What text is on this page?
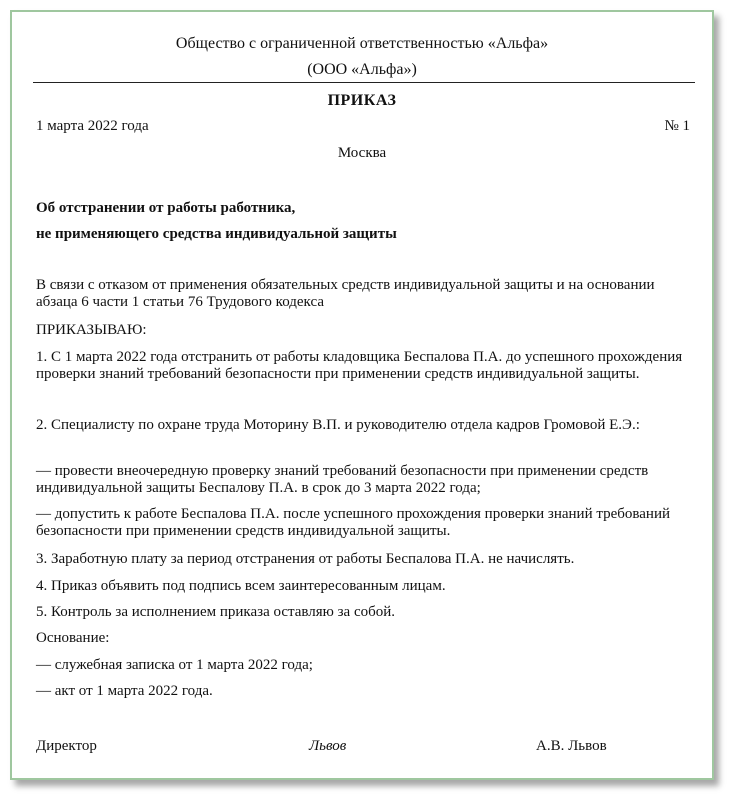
Общество с ограниченной ответственностью «Альфа»
(ООО «Альфа»)
ПРИКАЗ
1 марта 2022 года	№ 1
Москва
Об отстранении от работы работника,
не применяющего средства индивидуальной защиты
В связи с отказом от применения обязательных средств индивидуальной защиты и на основании абзаца 6 части 1 статьи 76 Трудового кодекса
ПРИКАЗЫВАЮ:
1. С 1 марта 2022 года отстранить от работы кладовщика Беспалова П.А. до успешного прохождения проверки знаний требований безопасности при применении средств индивидуальной защиты.
2. Специалисту по охране труда Моторину В.П. и руководителю отдела кадров Громовой Е.Э.:
— провести внеочередную проверку знаний требований безопасности при применении средств индивидуальной защиты Беспалову П.А. в срок до 3 марта 2022 года;
— допустить к работе Беспалова П.А. после успешного прохождения проверки знаний требований безопасности при применении средств индивидуальной защиты.
3. Заработную плату за период отстранения от работы Беспалова П.А. не начислять.
4. Приказ объявить под подпись всем заинтересованным лицам.
5. Контроль за исполнением приказа оставляю за собой.
Основание:
— служебная записка от 1 марта 2022 года;
— акт от 1 марта 2022 года.
Директор	Львов	А.В. Львов
